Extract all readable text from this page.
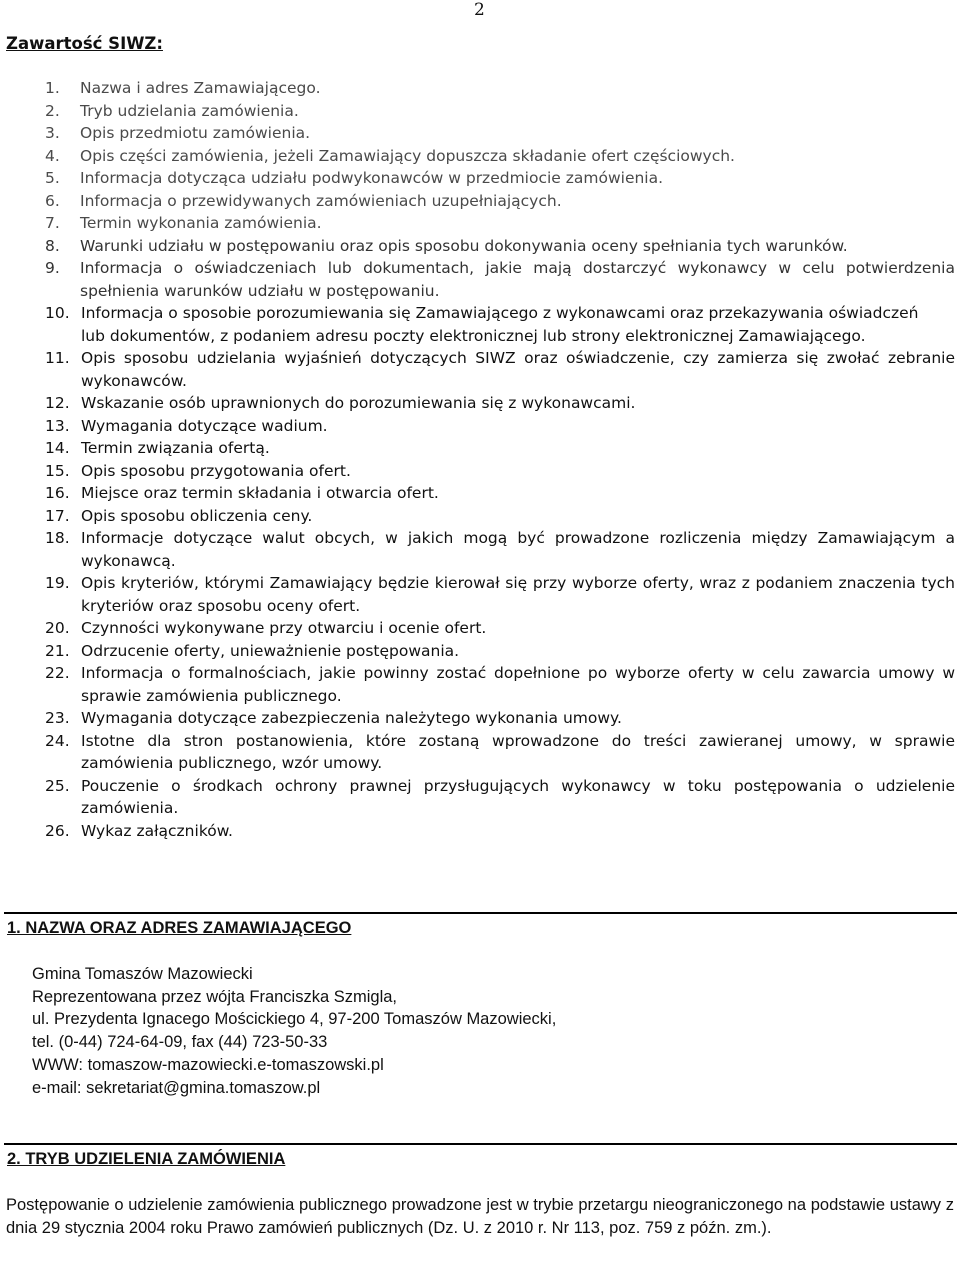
2
Zawartość SIWZ:
1.	Nazwa i adres Zamawiającego.
2.	Tryb udzielania zamówienia.
3.	Opis przedmiotu zamówienia.
4.	Opis części zamówienia, jeżeli Zamawiający dopuszcza składanie ofert częściowych.
5.	Informacja dotycząca udziału podwykonawców w przedmiocie zamówienia.
6.	Informacja o przewidywanych zamówieniach uzupełniających.
7.	Termin wykonania zamówienia.
8.	Warunki udziału w postępowaniu oraz opis sposobu dokonywania oceny spełniania tych warunków.
9.	Informacja o oświadczeniach lub dokumentach, jakie mają dostarczyć wykonawcy w celu potwierdzenia spełnienia warunków udziału w postępowaniu.
10. Informacja o sposobie porozumiewania się Zamawiającego z wykonawcami oraz przekazywania oświadczeń
lub dokumentów, z podaniem adresu poczty elektronicznej lub strony elektronicznej Zamawiającego.
11. Opis sposobu udzielania wyjaśnień dotyczących SIWZ oraz oświadczenie, czy zamierza się zwołać zebranie wykonawców.
12. Wskazanie osób uprawnionych do porozumiewania się z wykonawcami.
13. Wymagania dotyczące wadium.
14. Termin związania ofertą.
15. Opis sposobu przygotowania ofert.
16. Miejsce oraz termin składania i otwarcia ofert.
17. Opis sposobu obliczenia ceny.
18. Informacje dotyczące walut obcych, w jakich mogą być prowadzone rozliczenia między Zamawiającym a wykonawcą.
19. Opis kryteriów, którymi Zamawiający będzie kierował się przy wyborze oferty, wraz z podaniem znaczenia tych kryteriów oraz sposobu oceny ofert.
20. Czynności wykonywane przy otwarciu i ocenie ofert.
21. Odrzucenie oferty, unieważnienie postępowania.
22. Informacja o formalnościach, jakie powinny zostać dopełnione po wyborze oferty w celu zawarcia umowy w sprawie zamówienia publicznego.
23. Wymagania dotyczące zabezpieczenia należytego wykonania umowy.
24. Istotne dla stron postanowienia, które zostaną wprowadzone do treści zawieranej umowy, w sprawie zamówienia publicznego, wzór umowy.
25. Pouczenie o środkach ochrony prawnej przysługujących wykonawcy w toku postępowania o udzielenie zamówienia.
26. Wykaz załączników.
1. NAZWA ORAZ ADRES ZAMAWIAJĄCEGO
Gmina Tomaszów Mazowiecki
Reprezentowana przez wójta Franciszka Szmigla,
ul. Prezydenta Ignacego Mościckiego 4, 97-200 Tomaszów Mazowiecki,
tel. (0-44) 724-64-09, fax (44) 723-50-33
WWW: tomaszow-mazowiecki.e-tomaszowski.pl
e-mail: sekretariat@gmina.tomaszow.pl
2. TRYB UDZIELENIA ZAMÓWIENIA
Postępowanie o udzielenie zamówienia publicznego prowadzone jest w trybie przetargu nieograniczonego na podstawie ustawy z dnia 29 stycznia 2004 roku Prawo zamówień publicznych (Dz. U. z 2010 r. Nr 113, poz. 759 z późn. zm.).
